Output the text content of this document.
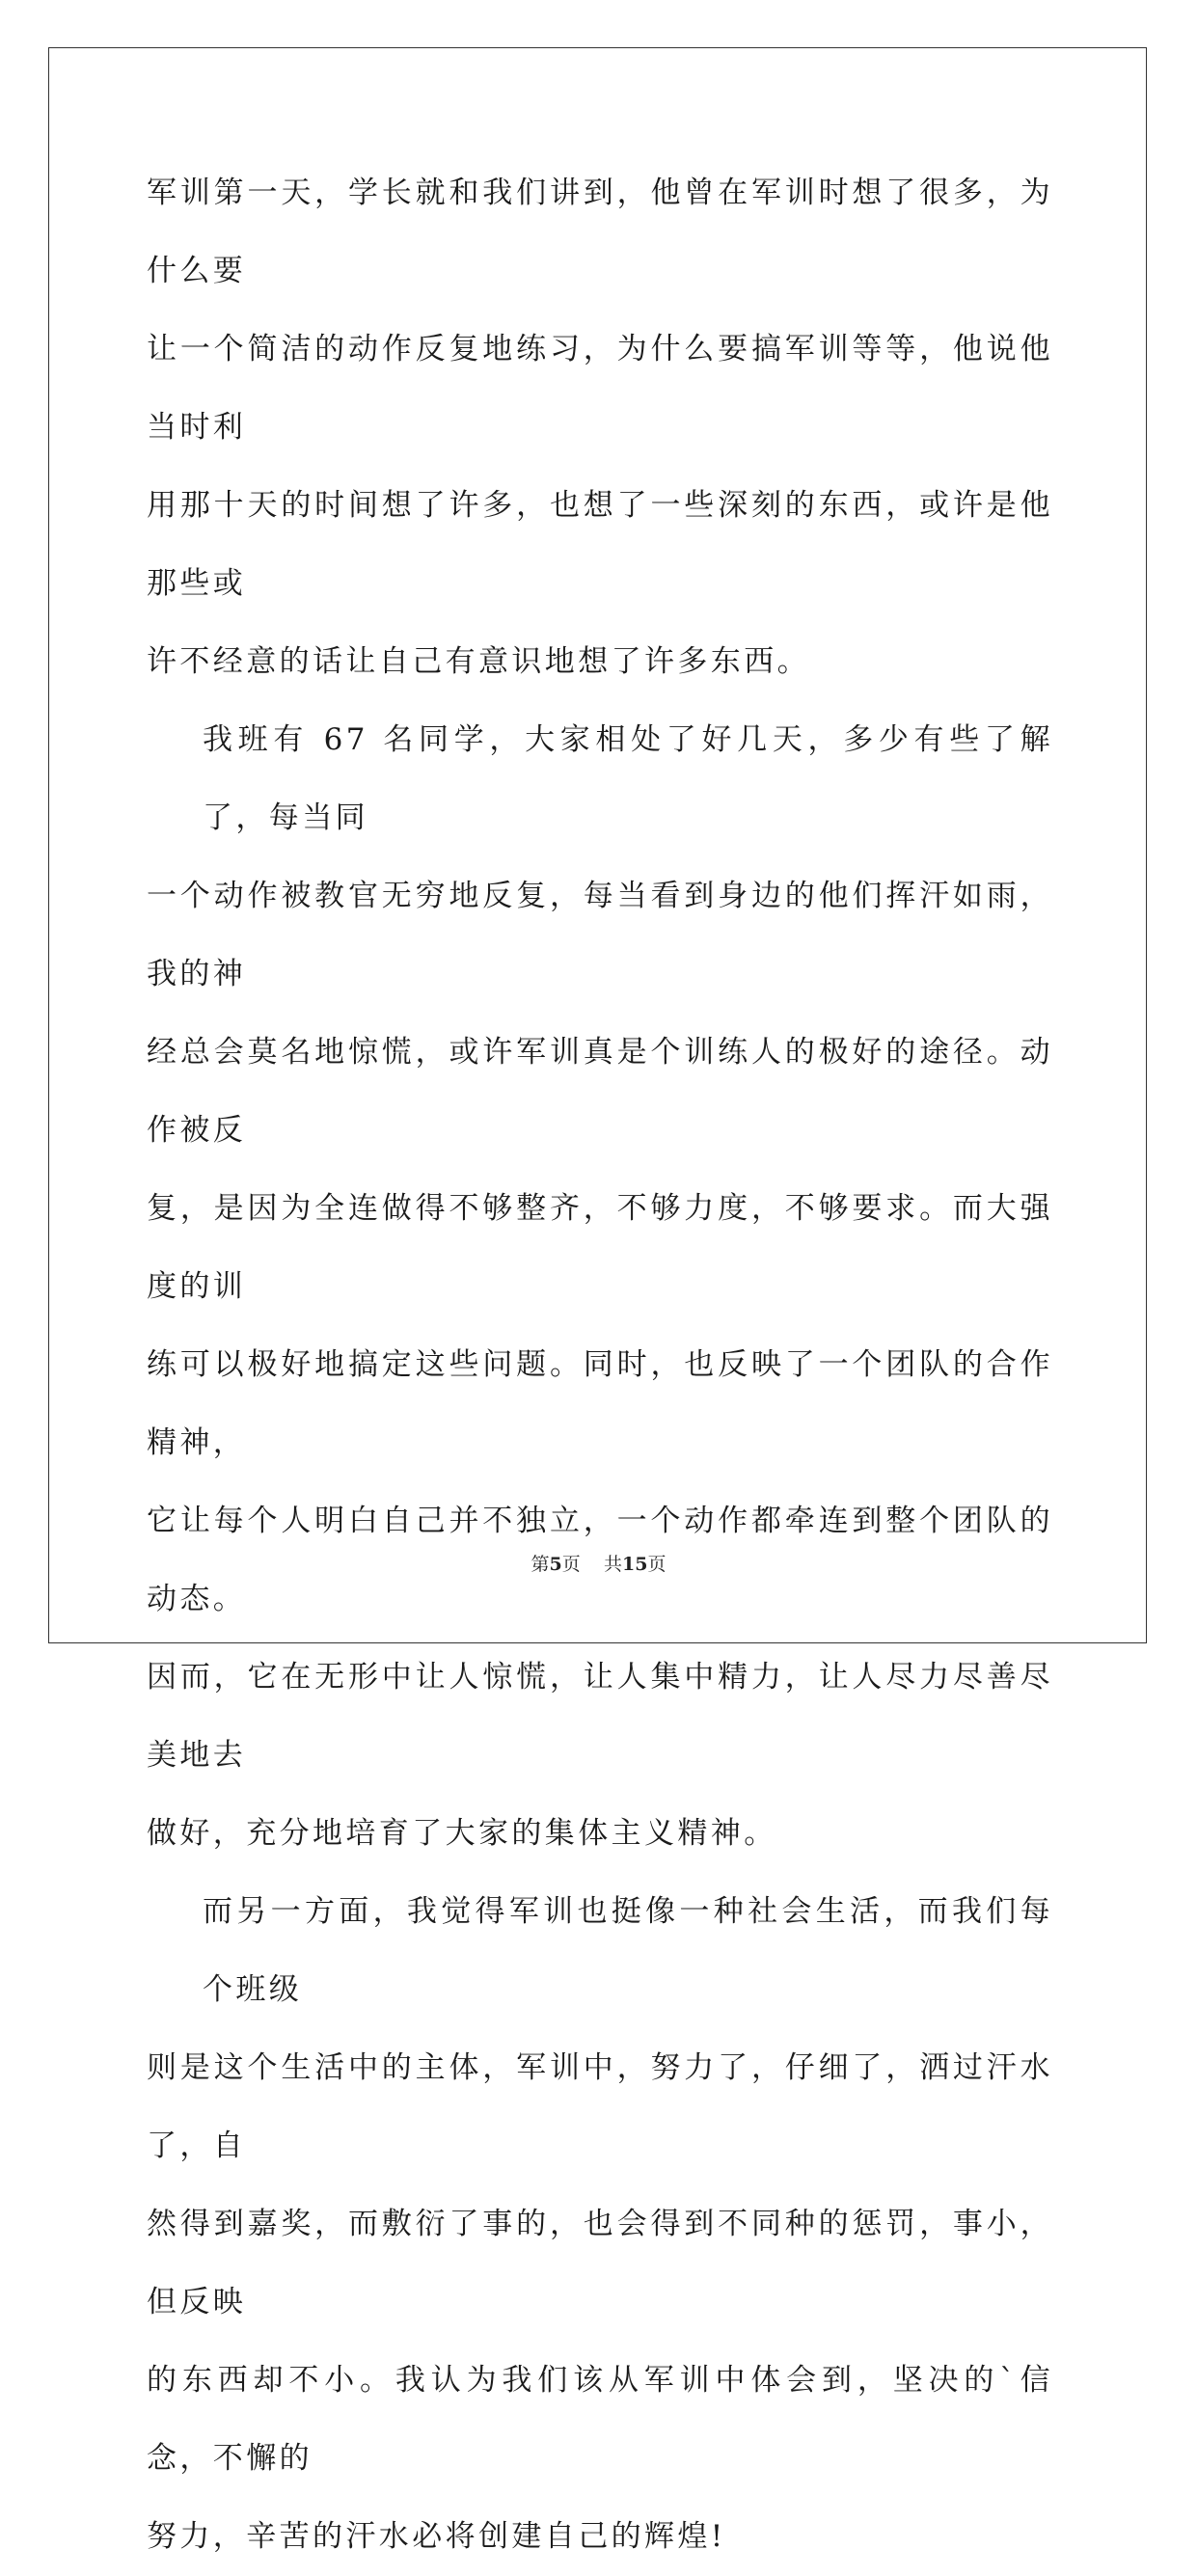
军训第一天，学长就和我们讲到，他曾在军训时想了很多，为什么要
让一个简洁的动作反复地练习，为什么要搞军训等等，他说他当时利
用那十天的时间想了许多，也想了一些深刻的东西，或许是他那些或
许不经意的话让自己有意识地想了许多东西。
我班有 67 名同学，大家相处了好几天，多少有些了解了，每当同
一个动作被教官无穷地反复，每当看到身边的他们挥汗如雨，我的神
经总会莫名地惊慌，或许军训真是个训练人的极好的途径。动作被反
复，是因为全连做得不够整齐，不够力度，不够要求。而大强度的训
练可以极好地搞定这些问题。同时，也反映了一个团队的合作精神，
它让每个人明白自己并不独立，一个动作都牵连到整个团队的动态。
因而，它在无形中让人惊慌，让人集中精力，让人尽力尽善尽美地去
做好，充分地培育了大家的集体主义精神。
而另一方面，我觉得军训也挺像一种社会生活，而我们每个班级
则是这个生活中的主体，军训中，努力了，仔细了，洒过汗水了，自
然得到嘉奖，而敷衍了事的，也会得到不同种的惩罚，事小，但反映
的东西却不小。我认为我们该从军训中体会到，坚决的`信念，不懈的
努力，辛苦的汗水必将创建自己的辉煌!
第5页 共15页
